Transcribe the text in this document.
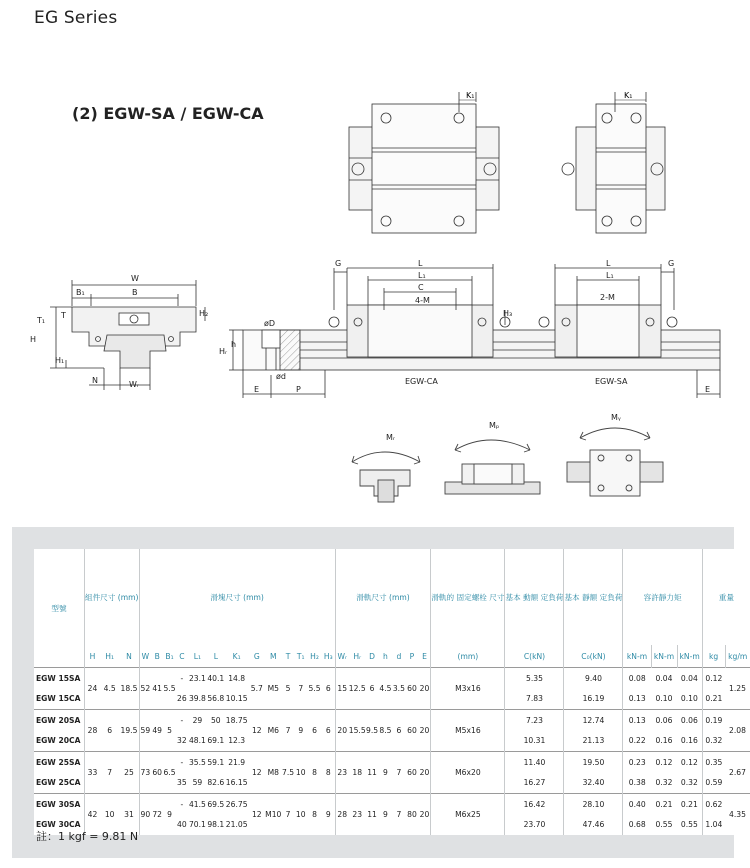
EG Series
(2) EGW-SA / EGW-CA
K₁	K₁
W
B₁	B
T
T₁
H₂
H
H₁
N	Wᵣ
øD
h
Hᵣ
ød
E	P
G	L
L₁
C
4-M
H₃
EGW-CA
L
L₁
2-M
G
EGW-SA
E
Mᵣ
Mₚ
Mᵧ
型號	組件尺寸 (mm)			滑塊尺寸 (mm)													滑軌尺寸 (mm)							滑軌的 固定螺栓 尺寸	基本 動額 定負荷	基本 靜額 定負荷	容許靜力矩			重量	
	H	H₁	N	W	B	B₁	C	L₁	L	K₁	G	M	T	T₁	H₂	H₃	Wᵣ	Hᵣ	D	h	d	P	E	(mm)	C(kN)	C₀(kN)	kN-m	kN-m	kN-m	kg	kg/m
EGW 15SA	24	4.5	18.5	52	41	5.5	-	23.1	40.1	14.8	5.7	M5	5	7	5.5	6	15	12.5	6	4.5	3.5	60	20	M3x16	5.35	9.40	0.08	0.04	0.04	0.12	1.25
EGW 15CA							26	39.8	56.8	10.15															7.83	16.19	0.13	0.10	0.10	0.21	
EGW 20SA	28	6	19.5	59	49	5	-	29	50	18.75	12	M6	7	9	6	6	20	15.5	9.5	8.5	6	60	20	M5x16	7.23	12.74	0.13	0.06	0.06	0.19	2.08
EGW 20CA							32	48.1	69.1	12.3															10.31	21.13	0.22	0.16	0.16	0.32	
EGW 25SA	33	7	25	73	60	6.5	-	35.5	59.1	21.9	12	M8	7.5	10	8	8	23	18	11	9	7	60	20	M6x20	11.40	19.50	0.23	0.12	0.12	0.35	2.67
EGW 25CA							35	59	82.6	16.15															16.27	32.40	0.38	0.32	0.32	0.59	
EGW 30SA	42	10	31	90	72	9	-	41.5	69.5	26.75	12	M10	7	10	8	9	28	23	11	9	7	80	20	M6x25	16.42	28.10	0.40	0.21	0.21	0.62	4.35
EGW 30CA							40	70.1	98.1	21.05															23.70	47.46	0.68	0.55	0.55	1.04	
註：1 kgf = 9.81 N
